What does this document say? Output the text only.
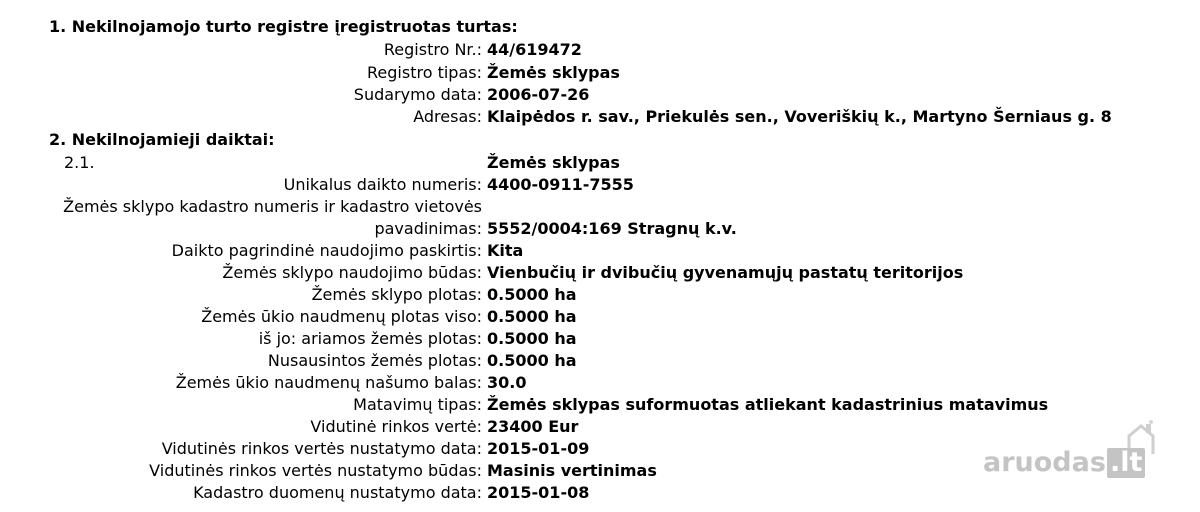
1. Nekilnojamojo turto registre įregistruotas turtas:
Registro Nr.: 44/619472
Registro tipas: Žemės sklypas
Sudarymo data: 2006-07-26
Adresas: Klaipėdos r. sav., Priekulės sen., Voveriškių k., Martyno Šerniaus g. 8
2. Nekilnojamieji daiktai:
2.1.	Žemės sklypas
Unikalus daikto numeris: 4400-0911-7555
Žemės sklypo kadastro numeris ir kadastro vietovės
pavadinimas: 5552/0004:169 Stragnų k.v.
Daikto pagrindinė naudojimo paskirtis: Kita
Žemės sklypo naudojimo būdas: Vienbučių ir dvibučių gyvenamųjų pastatų teritorijos
Žemės sklypo plotas: 0.5000 ha
Žemės ūkio naudmenų plotas viso: 0.5000 ha
iš jo: ariamos žemės plotas: 0.5000 ha
Nusausintos žemės plotas: 0.5000 ha
Žemės ūkio naudmenų našumo balas: 30.0
Matavimų tipas: Žemės sklypas suformuotas atliekant kadastrinius matavimus
Vidutinė rinkos vertė: 23400 Eur
Vidutinės rinkos vertės nustatymo data: 2015-01-09
Vidutinės rinkos vertės nustatymo būdas: Masinis vertinimas
Kadastro duomenų nustatymo data: 2015-01-08
aruodas .lt
